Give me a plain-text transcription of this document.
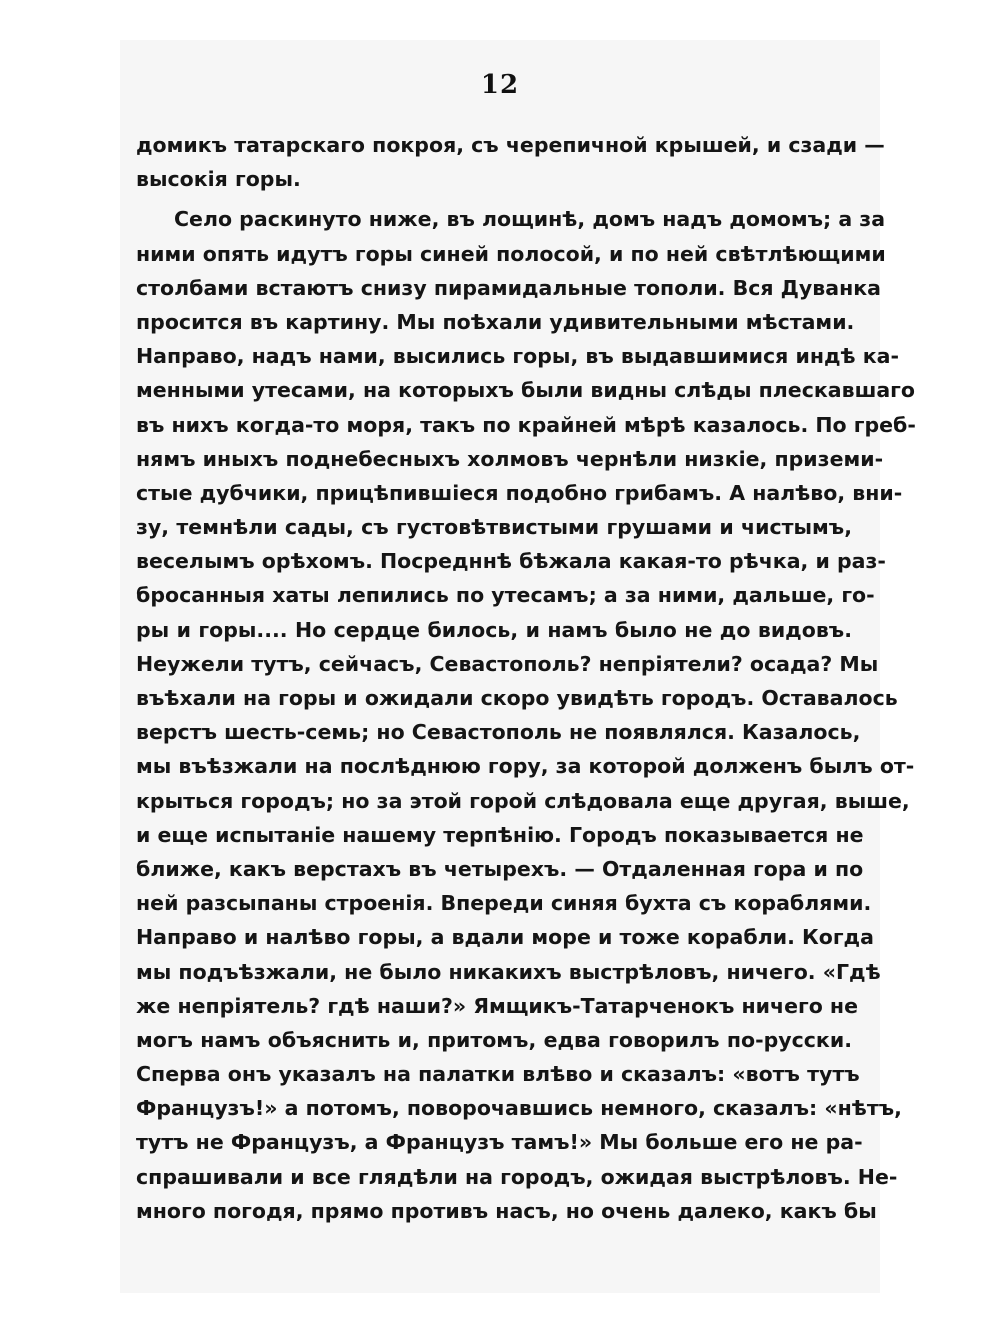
12
домикъ татарскаго покроя, съ черепичной крышей, и сзади —
высокія горы.
Село раскинуто ниже, въ лощинѣ, домъ надъ домомъ; а за
ними опять идутъ горы синей полосой, и по ней свѣтлѣющими
столбами встаютъ снизу пирамидальные тополи. Вся Дуванка
просится въ картину. Мы поѣхали удивительными мѣстами.
Направо, надъ нами, высились горы, въ выдавшимися индѣ ка-
менными утесами, на которыхъ были видны слѣды плескавшаго
въ нихъ когда-то моря, такъ по крайней мѣрѣ казалось. По греб-
нямъ иныхъ поднебесныхъ холмовъ чернѣли низкіе, приземи-
стые дубчики, прицѣпившіеся подобно грибамъ. А налѣво, вни-
зу, темнѣли сады, съ густовѣтвистыми грушами и чистымъ,
веселымъ орѣхомъ. Посредннѣ бѣжала какая-то рѣчка, и раз-
бросанныя хаты лепились по утесамъ; а за ними, дальше, го-
ры и горы.... Но сердце билось, и намъ было не до видовъ.
Неужели тутъ, сейчасъ, Севастополь? непріятели? осада? Мы
въѣхали на горы и ожидали скоро увидѣть городъ. Оставалось
верстъ шесть-семь; но Севастополь не появлялся. Казалось,
мы въѣзжали на послѣднюю гору, за которой долженъ былъ от-
крыться городъ; но за этой горой слѣдовала еще другая, выше,
и еще испытаніе нашему терпѣнію. Городъ показывается не
ближе, какъ верстахъ въ четырехъ. — Отдаленная гора и по
ней разсыпаны строенія. Впереди синяя бухта съ кораблями.
Направо и налѣво горы, а вдали море и тоже корабли. Когда
мы подъѣзжали, не было никакихъ выстрѣловъ, ничего. «Гдѣ
же непріятель? гдѣ наши?» Ямщикъ-Татарченокъ ничего не
могъ намъ объяснить и, притомъ, едва говорилъ по-русски.
Сперва онъ указалъ на палатки влѣво и сказалъ: «вотъ тутъ
Французъ!» а потомъ, поворочавшись немного, сказалъ: «нѣтъ,
тутъ не Французъ, а Французъ тамъ!» Мы больше его не ра-
спрашивали и все глядѣли на городъ, ожидая выстрѣловъ. Не-
много погодя, прямо противъ насъ, но очень далеко, какъ бы
